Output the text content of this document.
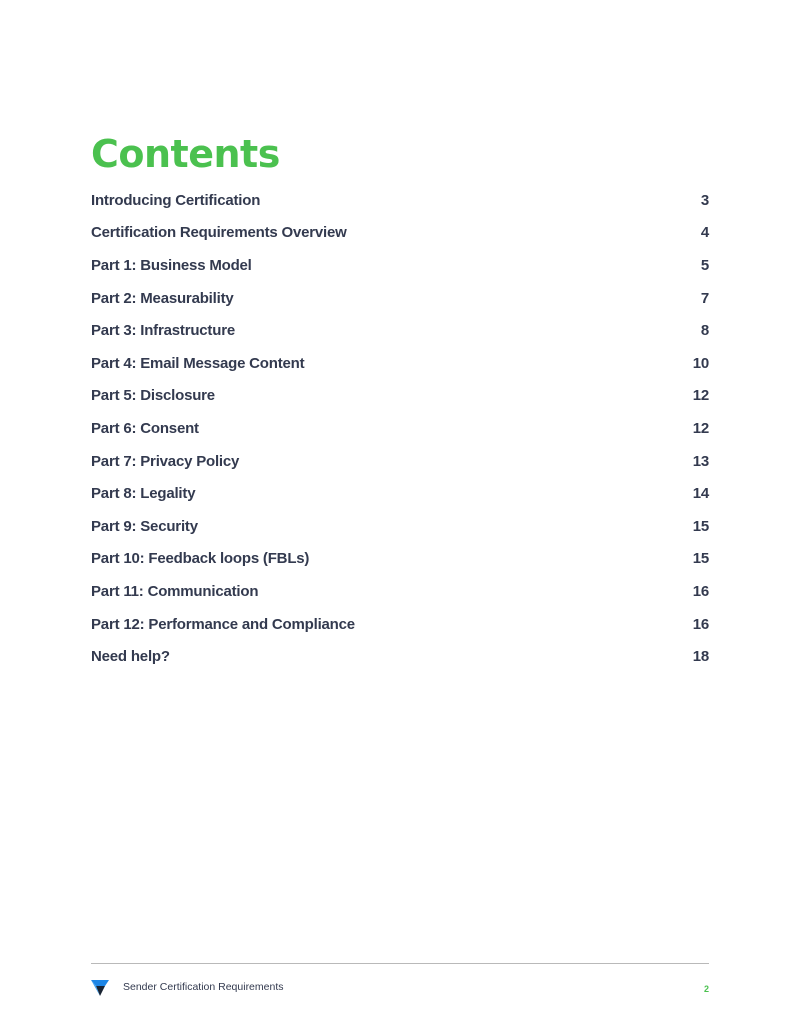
Contents
Introducing Certification	3
Certification Requirements Overview	4
Part 1: Business Model	5
Part 2: Measurability	7
Part 3: Infrastructure	8
Part 4: Email Message Content	10
Part 5: Disclosure	12
Part 6: Consent	12
Part 7: Privacy Policy	13
Part 8: Legality	14
Part 9: Security	15
Part 10: Feedback loops (FBLs)	15
Part 11: Communication	16
Part 12: Performance and Compliance	16
Need help?	18
Sender Certification Requirements	2
